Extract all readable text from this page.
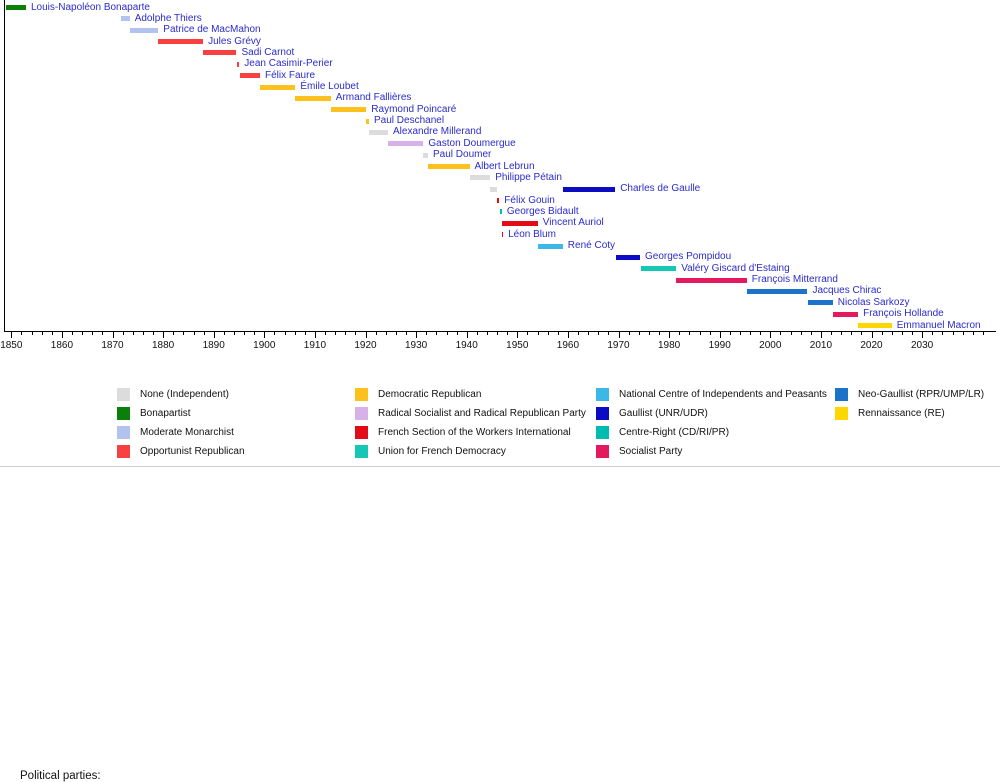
1850	1860	1870	1880	1890	1900	1910	1920	1930	1940	1950	1960	1970	1980	1990	2000	2010	2020	2030
Louis-Napoléon Bonaparte
Adolphe Thiers
Patrice de MacMahon
Jules Grévy
Sadi Carnot
Jean Casimir-Perier
Félix Faure
Émile Loubet
Armand Fallières
Raymond Poincaré
Paul Deschanel
Alexandre Millerand
Gaston Doumergue
Paul Doumer
Albert Lebrun
Philippe Pétain
Charles de Gaulle
Félix Gouin
Georges Bidault
Vincent Auriol
Léon Blum
René Coty
Georges Pompidou
Valéry Giscard d'Estaing
François Mitterrand
Jacques Chirac
Nicolas Sarkozy
François Hollande
Emmanuel Macron
Political parties:
None (Independent)
Bonapartist
Moderate Monarchist
Opportunist Republican
Democratic Republican
Radical Socialist and Radical Republican Party
French Section of the Workers International
Union for French Democracy
National Centre of Independents and Peasants
Gaullist (UNR/UDR)
Centre-Right (CD/RI/PR)
Socialist Party
Neo-Gaullist (RPR/UMP/LR)
Rennaissance (RE)
